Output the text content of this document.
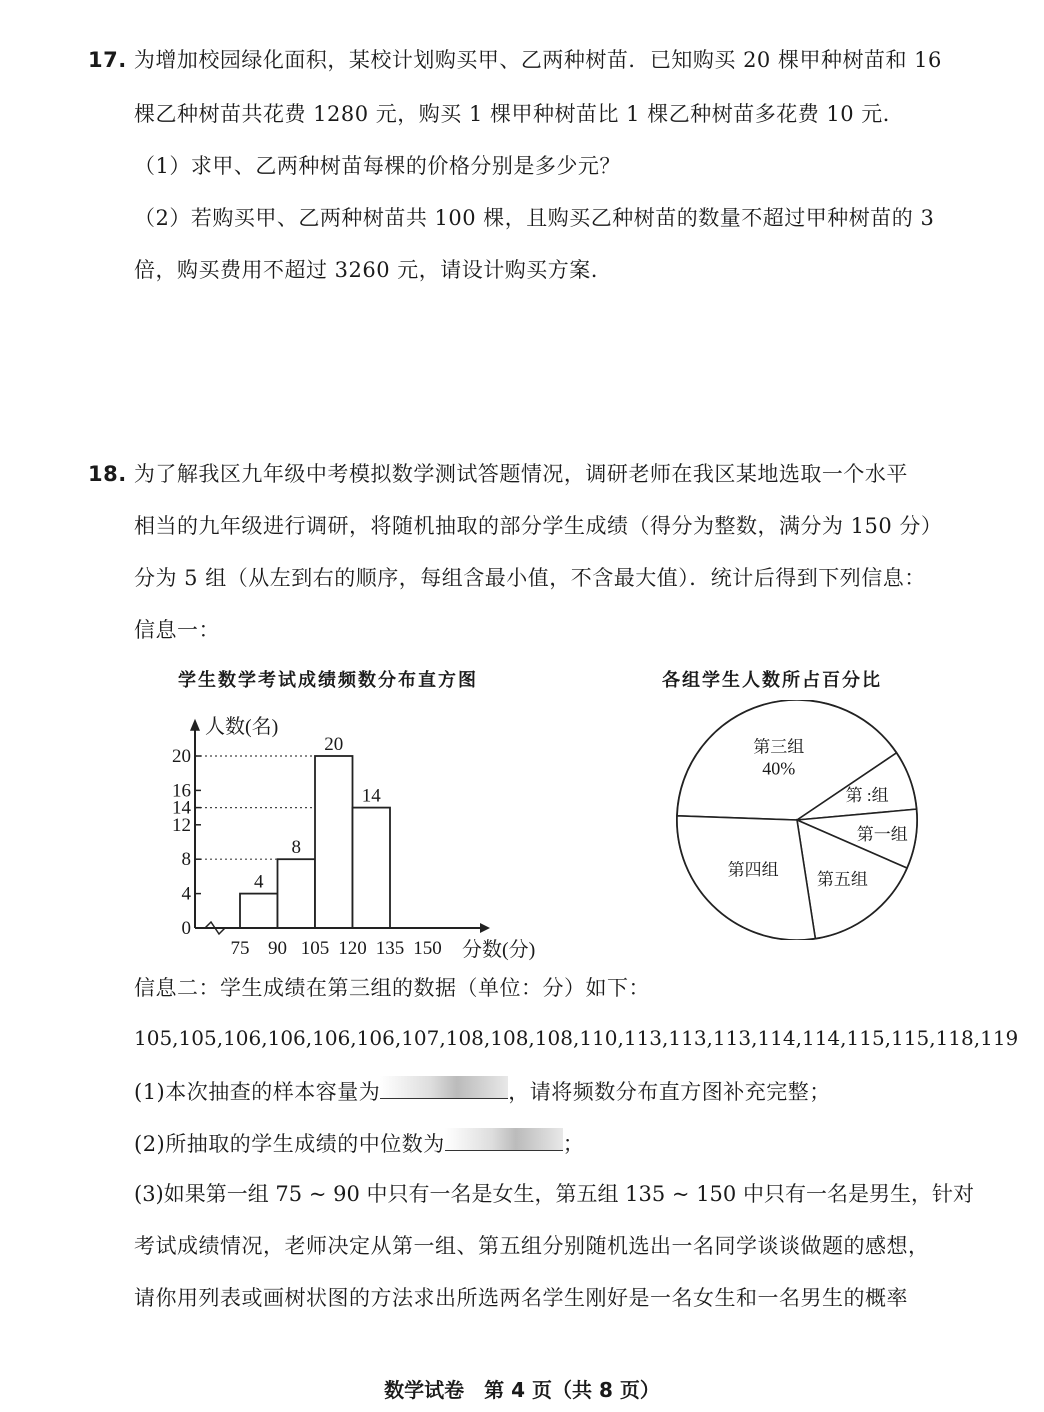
17. 为增加校园绿化面积，某校计划购买甲、乙两种树苗．已知购买 20 棵甲种树苗和 16
棵乙种树苗共花费 1280 元，购买 1 棵甲种树苗比 1 棵乙种树苗多花费 10 元．
（1）求甲、乙两种树苗每棵的价格分别是多少元？
（2）若购买甲、乙两种树苗共 100 棵，且购买乙种树苗的数量不超过甲种树苗的 3
倍，购买费用不超过 3260 元，请设计购买方案.
18. 为了解我区九年级中考模拟数学测试答题情况，调研老师在我区某地选取一个水平
相当的九年级进行调研，将随机抽取的部分学生成绩（得分为整数，满分为 150 分）
分为 5 组（从左到右的顺序，每组含最小值，不含最大值）．统计后得到下列信息：
信息一：
学生数学考试成绩频数分布直方图	各组学生人数所占百分比
0
4
8
12
14
16
20
4
8
20
14
75 90 105 120 135 150
人数(名)
分数(分)
第三组
40%
第 :组
第一组
第五组
第四组
信息二：学生成绩在第三组的数据（单位：分）如下：
105,105,106,106,106,106,107,108,108,108,110,113,113,113,114,114,115,115,118,119
(1)本次抽查的样本容量为	，请将频数分布直方图补充完整；
(2)所抽取的学生成绩的中位数为	；
(3)如果第一组 75 ~ 90 中只有一名是女生，第五组 135 ~ 150 中只有一名是男生，针对
考试成绩情况，老师决定从第一组、第五组分别随机选出一名同学谈谈做题的感想，
请你用列表或画树状图的方法求出所选两名学生刚好是一名女生和一名男生的概率
数学试卷　第 4 页（共 8 页）
